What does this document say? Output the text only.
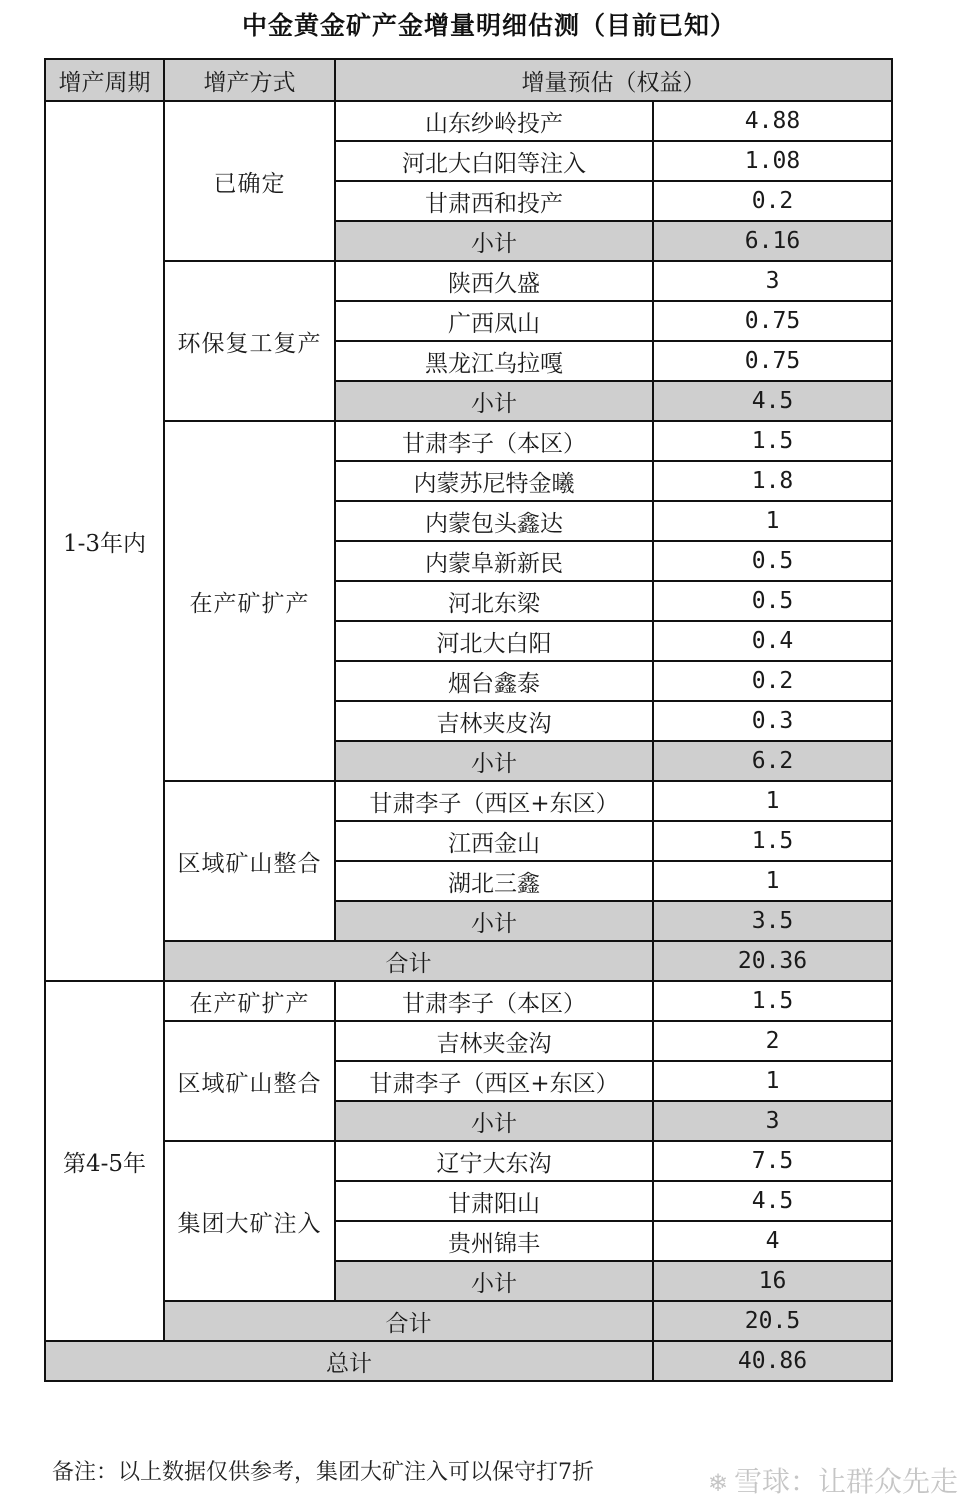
中金黄金矿产金增量明细估测（目前已知）
增产周期	增产方式	增量预估（权益）	
1-3年内	已确定	山东纱岭投产	4.88
		河北大白阳等注入	1.08
		甘肃西和投产	0.2
		小计	6.16
	环保复工复产	陕西久盛	3
		广西凤山	0.75
		黑龙江乌拉嘎	0.75
		小计	4.5
	在产矿扩产	甘肃李子（本区）	1.5
		内蒙苏尼特金曦	1.8
		内蒙包头鑫达	1
		内蒙阜新新民	0.5
		河北东梁	0.5
		河北大白阳	0.4
		烟台鑫泰	0.2
		吉林夹皮沟	0.3
		小计	6.2
	区域矿山整合	甘肃李子（西区+东区）	1
		江西金山	1.5
		湖北三鑫	1
		小计	3.5
	合计		20.36
第4-5年	在产矿扩产	甘肃李子（本区）	1.5
	区域矿山整合	吉林夹金沟	2
		甘肃李子（西区+东区）	1
		小计	3
	集团大矿注入	辽宁大东沟	7.5
		甘肃阳山	4.5
		贵州锦丰	4
		小计	16
	合计		20.5
总计			40.86
备注：以上数据仅供参考，集团大矿注入可以保守打7折	❄ 雪球：让群众先走
